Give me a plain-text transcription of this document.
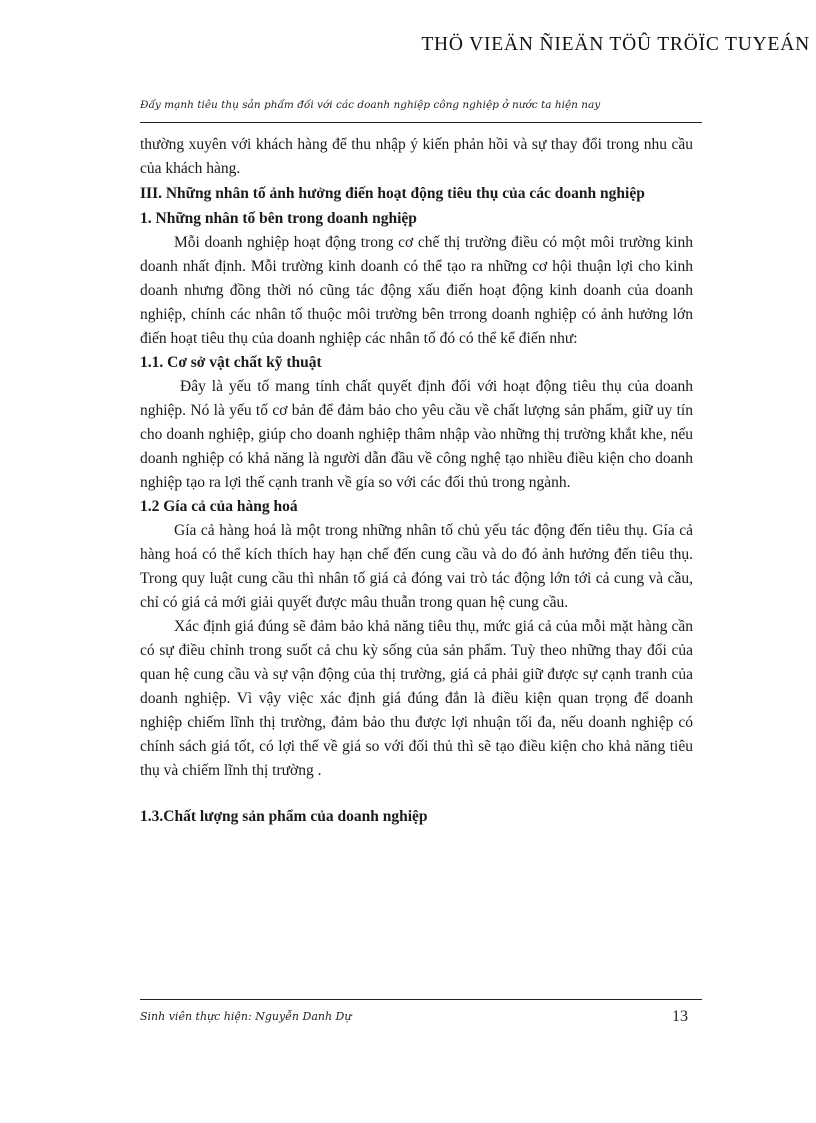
THÖ VIEÄN ÑIEÄN TÖÛ TRÖÏC TUYEÁN
Đẩy mạnh tiêu thụ sản phẩm đối với các doanh nghiệp công nghiệp ở nước ta hiện nay

thường xuyên với khách hàng để thu nhập ý kiến phản hồi và sự thay đổi trong nhu cầu của khách hàng.

III. Những nhân tố ảnh hưởng điến hoạt động tiêu thụ của các doanh nghiệp
1. Những nhân tố bên trong doanh nghiệp

Mỗi doanh nghiệp hoạt động trong cơ chế thị trường điều có một môi trường kinh doanh nhất định. Mỗi trường kinh doanh có thể tạo ra những cơ hội thuận lợi cho kinh doanh nhưng đồng thời nó cũng tác động xấu điến hoạt động kinh doanh của doanh nghiệp, chính các nhân tố thuộc môi trường bên trrong doanh nghiệp có ảnh hưởng lớn điến hoạt tiêu thụ của doanh nghiệp các nhân tố đó có thể kể điến như:

1.1. Cơ sở vật chất kỹ thuật

Đây là yếu tố mang tính chất quyết định đối với hoạt động tiêu thụ của doanh nghiệp. Nó là yếu tố cơ bản để đảm bảo cho yêu cầu về chất lượng sản phẩm, giữ uy tín cho doanh nghiệp, giúp cho doanh nghiệp thâm nhập vào những thị trường khắt khe, nếu doanh nghiệp có khả năng là người dẫn đầu về công nghệ tạo nhiều điều kiện cho doanh nghiệp tạo ra lợi thế cạnh tranh về gía so với các đối thủ trong ngành.

1.2 Gía cả của hàng hoá

Gía cả hàng hoá là một trong những nhân tố chủ yếu tác động đến tiêu thụ. Gía cả hàng hoá có thể kích thích hay hạn chế đến cung cầu và do đó ảnh hưởng đến tiêu thụ. Trong quy luật cung cầu thì nhân tố giá cả đóng vai trò tác động lớn tới cả cung và cầu, chỉ có giá cả mới giải quyết được mâu thuẫn trong quan hệ cung cầu.

Xác định giá đúng sẽ đảm bảo khả năng tiêu thụ, mức giá cả của mỗi mặt hàng cần có sự điều chỉnh trong suốt cả chu kỳ sống của sản phẩm. Tuỳ theo những thay đổi của quan hệ cung cầu và sự vận động của thị trường, giá cả phải giữ được sự cạnh tranh của doanh nghiệp. Vì vậy việc xác định giá đúng đắn là điều kiện quan trọng để doanh nghiệp chiếm lĩnh thị trường, đảm bảo thu được lợi nhuận tối đa, nếu doanh nghiệp có chính sách giá tốt, có lợi thế về giá so với đối thủ thì sẽ tạo điều kiện cho khả năng tiêu thụ và chiếm lĩnh thị trường .

1.3.Chất lượng sản phẩm của doanh nghiệp
Sinh viên thực hiện: Nguyễn Danh Dự	13
